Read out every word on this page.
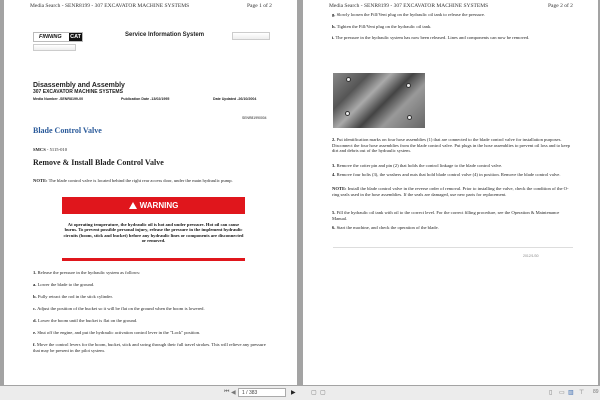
Media Search - SENR8199 - 307 EXCAVATOR MACHINE SYSTEMS	Page 1 of 2
FINNING CAT	Service Information System
Disassembly and Assembly
307 EXCAVATOR MACHINE SYSTEMS
Media Number -SENR8199-00	Publication Date -13/02/1995	Date Updated -26/10/2004
SENR81990004
Blade Control Valve
SMCS - 5115-010
Remove & Install Blade Control Valve
NOTE: The blade control valve is located behind the right rear access door, under the main hydraulic pump.
WARNING
At operating temperature, the hydraulic oil is hot and under pressure. Hot oil can cause burns. To prevent possible personal injury, release the pressure in the implement hydraulic circuits (boom, stick and bucket) before any hydraulic lines or components are disconnected or removed.
1. Release the pressure in the hydraulic system as follows:
a. Lower the blade to the ground.
b. Fully retract the rod in the stick cylinder.
c. Adjust the position of the bucket so it will be flat on the ground when the boom is lowered.
d. Lower the boom until the bucket is flat on the ground.
e. Shut off the engine, and put the hydraulic activation control lever in the "Lock" position.
f. Move the control levers for the boom, bucket, stick and swing through their full travel strokes. This will relieve any pressure that may be present in the pilot system.
Media Search - SENR8199 - 307 EXCAVATOR MACHINE SYSTEMS	Page 2 of 2
g. Slowly loosen the Fill/Vent plug on the hydraulic oil tank to release the pressure.
h. Tighten the Fill/Vent plug on the hydraulic oil tank.
i. The pressure in the hydraulic system has now been released. Lines and components can now be removed.
2. Put identification marks on four hose assemblies (1) that are connected to the blade control valve for installation purposes. Disconnect the four hose assemblies from the blade control valve. Put plugs in the hose assemblies to prevent oil loss and to keep dirt and debris out of the hydraulic system.
3. Remove the cotter pin and pin (2) that holds the control linkage to the blade control valve.
4. Remove four bolts (3), the washers and nuts that hold blade control valve (4) in position. Remove the blade control valve.
NOTE: Install the blade control valve in the reverse order of removal. Prior to installing the valve, check the condition of the O-ring seals used in the hose assemblies. If the seals are damaged, use new parts for replacement.
5. Fill the hydraulic oil tank with oil to the correct level. For the correct filling procedure, see the Operation & Maintenance Manual.
6. Start the machine, and check the operation of the blade.
2012/1/30
⏮ ◀	1 / 383	▶	▢ ▢	▯ ▭ ▥ ⊤ 89
